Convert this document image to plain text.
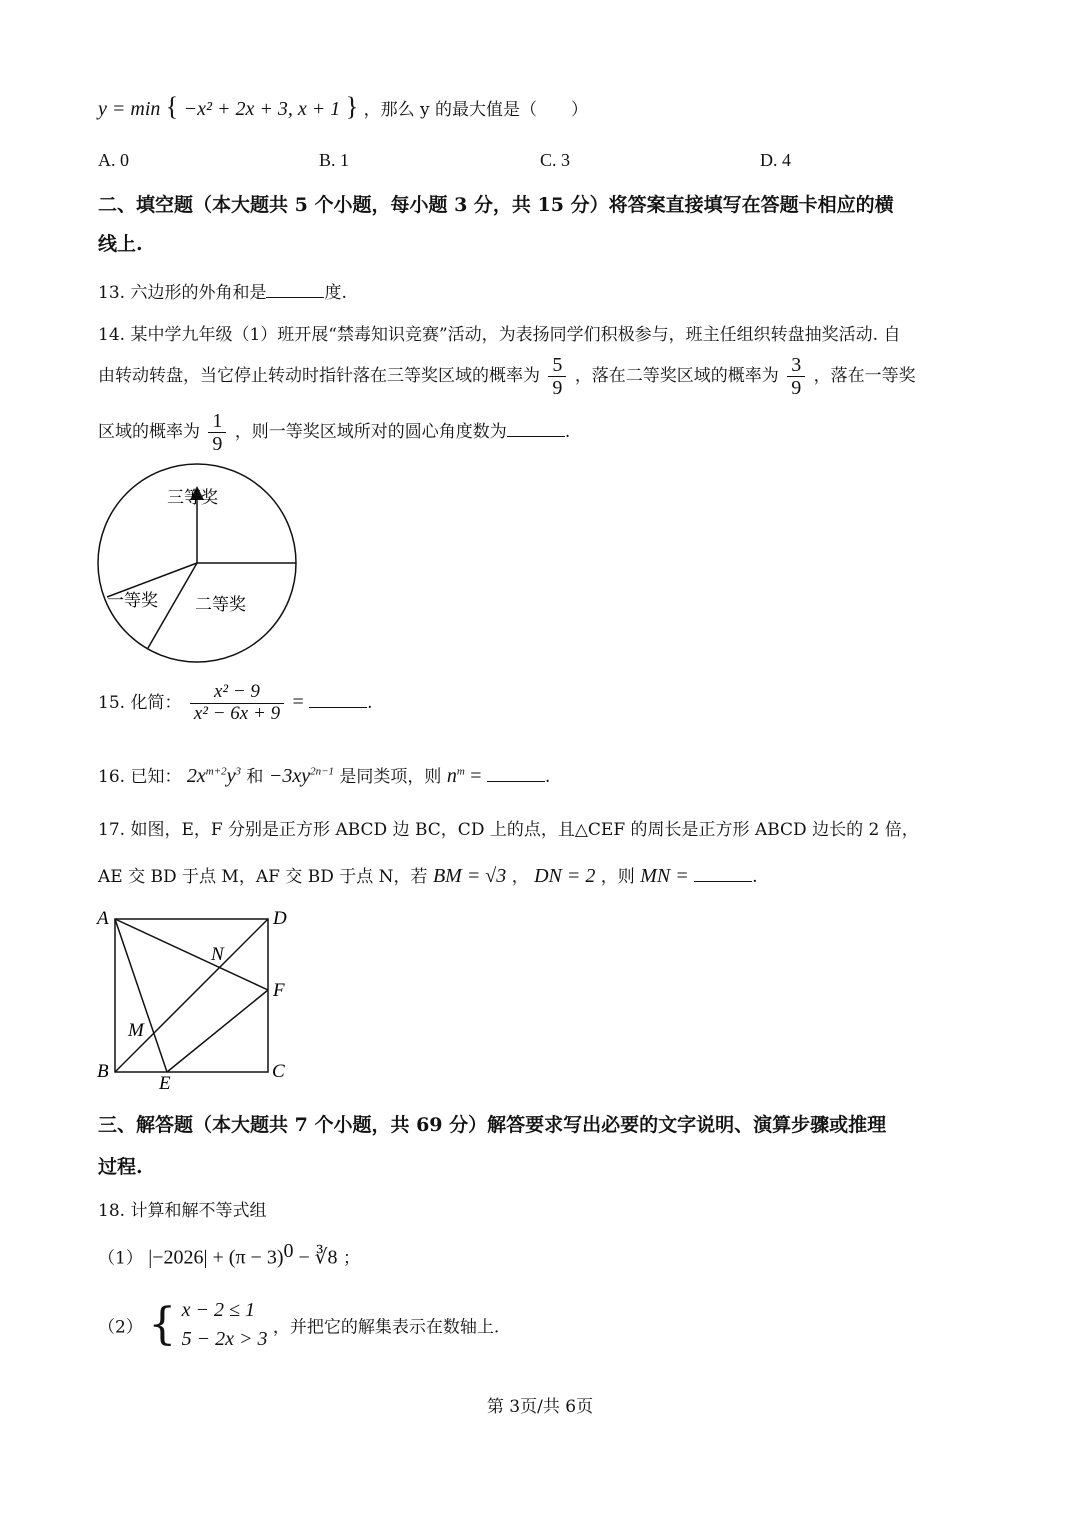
y = min { −x² + 2x + 3, x + 1 } ，那么 y 的最大值是（　　）
A. 0	B. 1	C. 3	D. 4
二、填空题（本大题共 5 个小题，每小题 3 分，共 15 分）将答案直接填写在答题卡相应的横
线上.
13. 六边形的外角和是	度.
14. 某中学九年级（1）班开展“禁毒知识竞赛”活动，为表扬同学们积极参与，班主任组织转盘抽奖活动. 自
由转动转盘，当它停止转动时指针落在三等奖区域的概率为 $\frac{5}{9}$ ，落在二等奖区域的概率为 $\frac{3}{9}$ ，落在一等奖
区域的概率为 $\frac{1}{9}$ ，则一等奖区域所对的圆心角度数为	.
三等奖
二等奖
一等奖
15. 化简： $\frac{\text{x² − 9}}{\text{x² − 6x + 9}}$ =	.
16. 已知： $2x^{m+2}y^3$ 和 $-3xy^{2n-1}$ 是同类项，则 $n^m$ =	.
17. 如图，E，F 分别是正方形 ABCD 边 BC，CD 上的点，且△CEF 的周长是正方形 ABCD 边长的 2 倍，
AE 交 BD 于点 M，AF 交 BD 于点 N，若 BM = √3 ， DN = 2 ，则 MN =	.
A	D
B	C
E
F
M
N
三、解答题（本大题共 7 个小题，共 69 分）解答要求写出必要的文字说明、演算步骤或推理
过程.
18. 计算和解不等式组
（1） $|-2026| + (\pi - 3)^0$ − ∛8 ；
（2） { x − 2 ≤ 1
5 − 2x > 3
，并把它的解集表示在数轴上.
第 3页/共 6页
